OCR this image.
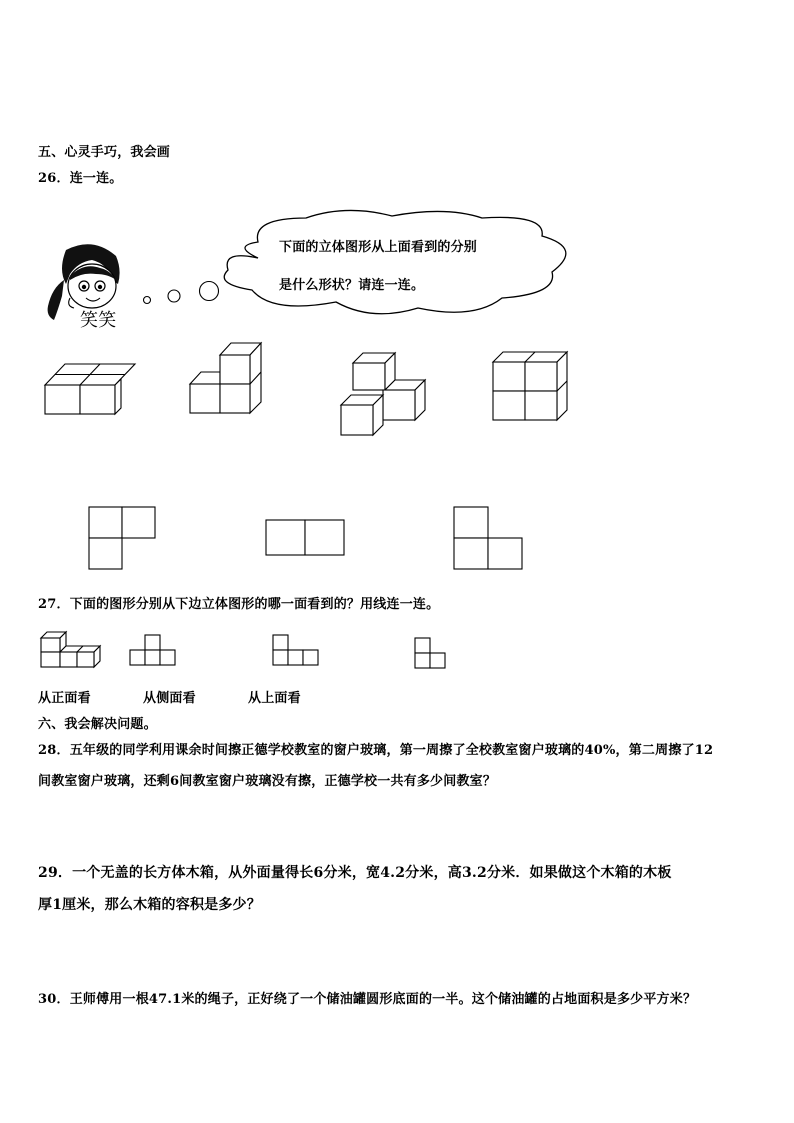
五、心灵手巧，我会画
26．连一连。
笑笑
下面的立体图形从上面看到的分别
是什么形状？请连一连。
27．下面的图形分别从下边立体图形的哪一面看到的？用线连一连。
从正面看	从侧面看	从上面看
六、我会解决问题。
28．五年级的同学利用课余时间擦正德学校教室的窗户玻璃，第一周擦了全校教室窗户玻璃的40%，第二周擦了12
间教室窗户玻璃，还剩6间教室窗户玻璃没有擦，正德学校一共有多少间教室？
29．一个无盖的长方体木箱，从外面量得长6分米，宽4.2分米，高3.2分米．如果做这个木箱的木板
厚1厘米，那么木箱的容积是多少？
30．王师傅用一根47.1米的绳子，正好绕了一个储油罐圆形底面的一半。这个储油罐的占地面积是多少平方米？
